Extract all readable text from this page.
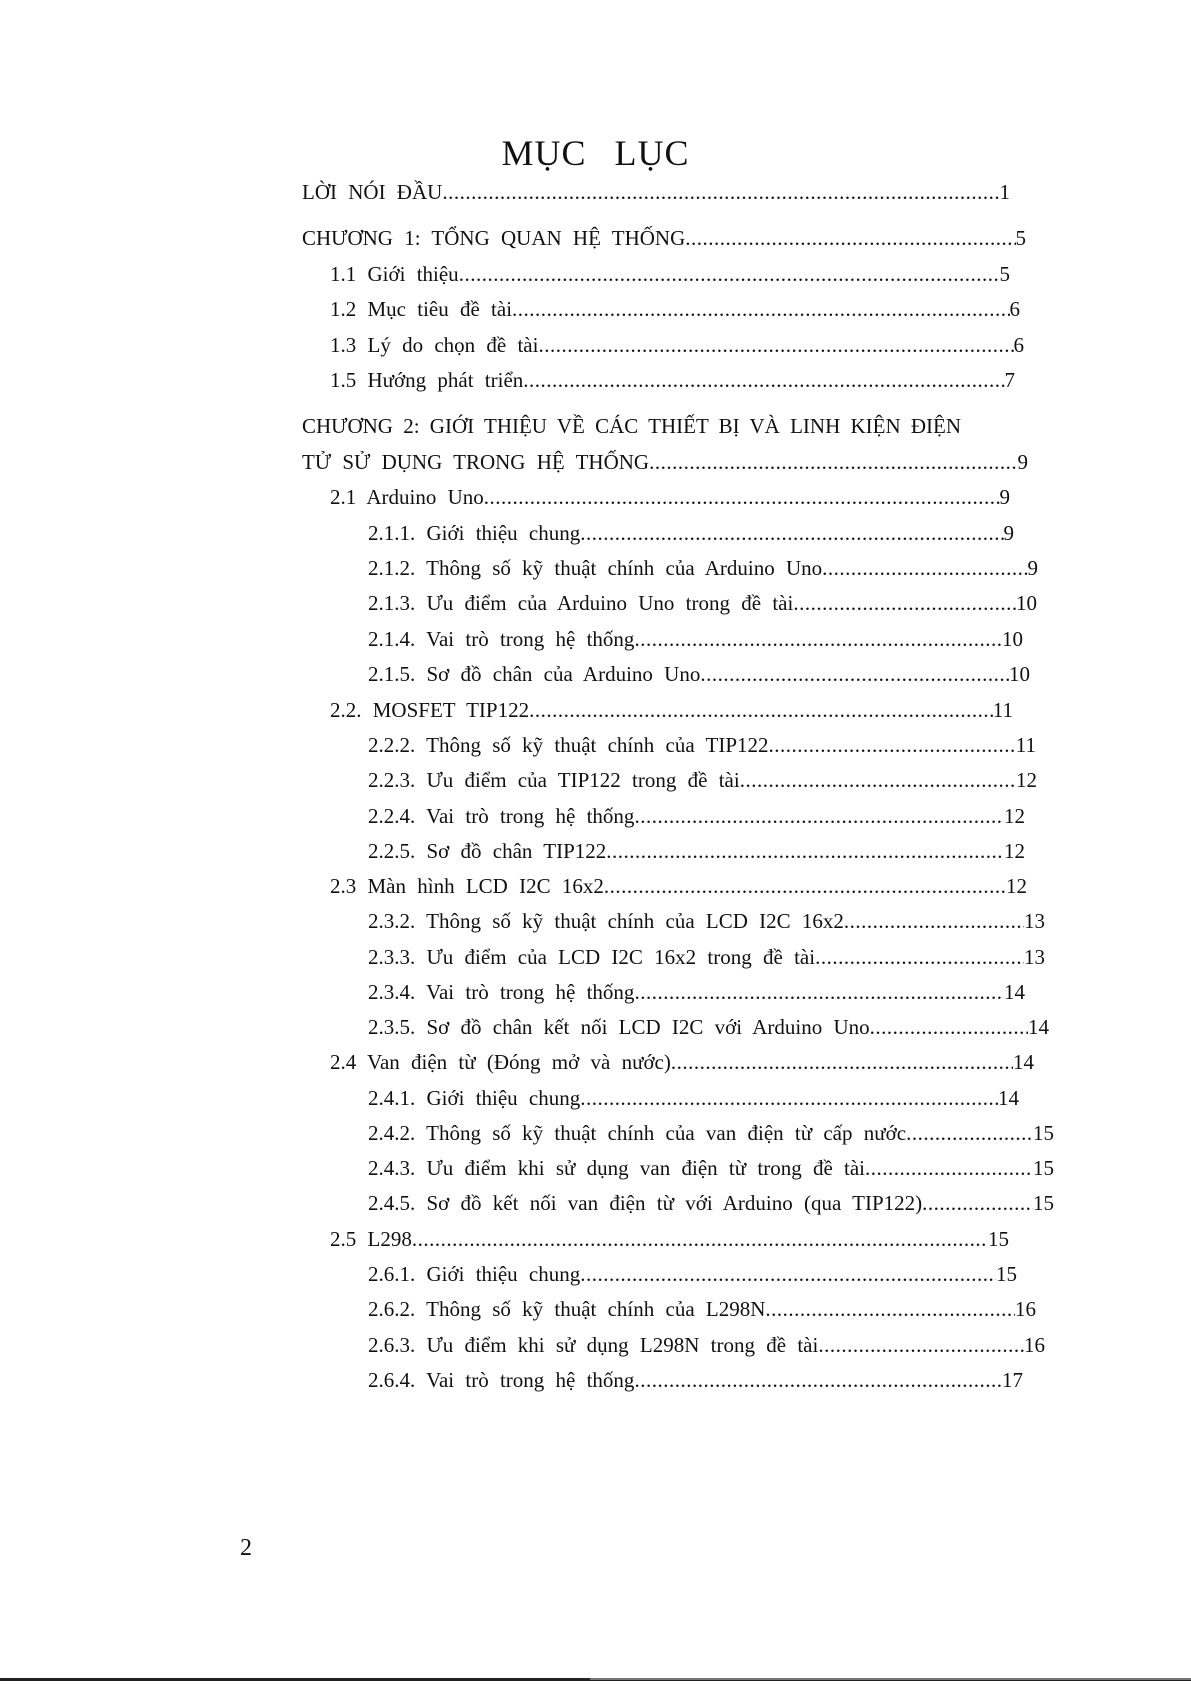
MỤC LỤC
LỜI NÓI ĐẦU .....	1
CHƯƠNG 1: TỔNG QUAN HỆ THỐNG .....	5
1.1 Giới thiệu .....	5
1.2 Mục tiêu đề tài .....	6
1.3 Lý do chọn đề tài .....	6
1.5 Hướng phát triển .....	7
CHƯƠNG 2: GIỚI THIỆU VỀ CÁC THIẾT BỊ VÀ LINH KIỆN ĐIỆN
TỬ SỬ DỤNG TRONG HỆ THỐNG .....	9
2.1 Arduino Uno .....	9
2.1.1. Giới thiệu chung .....	9
2.1.2. Thông số kỹ thuật chính của Arduino Uno .....	9
2.1.3. Ưu điểm của Arduino Uno trong đề tài .....	10
2.1.4. Vai trò trong hệ thống .....	10
2.1.5. Sơ đồ chân của Arduino Uno .....	10
2.2. MOSFET TIP122 .....	11
2.2.2. Thông số kỹ thuật chính của TIP122 .....	11
2.2.3. Ưu điểm của TIP122 trong đề tài .....	12
2.2.4. Vai trò trong hệ thống .....	12
2.2.5. Sơ đồ chân TIP122 .....	12
2.3 Màn hình LCD I2C 16x2 .....	12
2.3.2. Thông số kỹ thuật chính của LCD I2C 16x2 .....	13
2.3.3. Ưu điểm của LCD I2C 16x2 trong đề tài .....	13
2.3.4. Vai trò trong hệ thống .....	14
2.3.5. Sơ đồ chân kết nối LCD I2C với Arduino Uno .....	14
2.4 Van điện từ (Đóng mở và nước) .....	14
2.4.1. Giới thiệu chung .....	14
2.4.2. Thông số kỹ thuật chính của van điện từ cấp nước .....	15
2.4.3. Ưu điểm khi sử dụng van điện từ trong đề tài .....	15
2.4.5. Sơ đồ kết nối van điện từ với Arduino (qua TIP122) .....	15
2.5 L298 .....	15
2.6.1. Giới thiệu chung .....	15
2.6.2. Thông số kỹ thuật chính của L298N .....	16
2.6.3. Ưu điểm khi sử dụng L298N trong đề tài .....	16
2.6.4. Vai trò trong hệ thống .....	17
2
